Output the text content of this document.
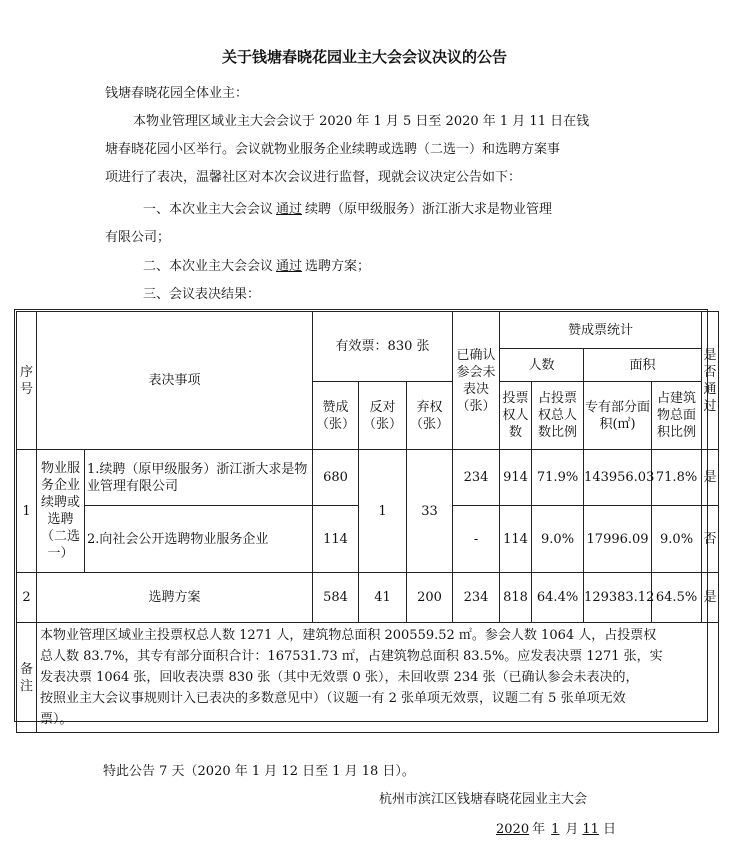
关于钱塘春晓花园业主大会会议决议的公告
钱塘春晓花园全体业主：
本物业管理区域业主大会会议于 2020 年 1 月 5 日至 2020 年 1 月 11 日在钱
塘春晓花园小区举行。会议就物业服务企业续聘或选聘（二选一）和选聘方案事
项进行了表决，温馨社区对本次会议进行监督，现就会议决定公告如下：
一、本次业主大会会议 通过 续聘（原甲级服务）浙江浙大求是物业管理
有限公司；
二、本次业主大会会议 通过 选聘方案；
三、会议表决结果：
序号	表决事项		有效票：830 张			已确认参会未表决（张）	赞成票统计				是否通过
							人数		面积		
			赞成（张）	反对（张）	弃权（张）		投票权人数	占投票权总人数比例	专有部分面积(㎡)	占建筑物总面积比例	
1	物业服务企业续聘或选聘（二选一）	1.续聘（原甲级服务）浙江浙大求是物业管理有限公司	680	1	33	234	914	71.9%	143956.03	71.8%	是
		2.向社会公开选聘物业服务企业	114			-	114	9.0%	17996.09	9.0%	否
2	选聘方案		584	41	200	234	818	64.4%	129383.12	64.5%	是
备注	本物业管理区域业主投票权总人数 1271 人，建筑物总面积 200559.52 ㎡。参会人数 1064 人，占投票权
总人数 83.7%，其专有部分面积合计：167531.73 ㎡，占建筑物总面积 83.5%。应发表决票 1271 张，实
发表决票 1064 张，回收表决票 830 张（其中无效票 0 张），未回收票 234 张（已确认参会未表决的，
按照业主大会议事规则计入已表决的多数意见中）（议题一有 2 张单项无效票，议题二有 5 张单项无效
票）。										
特此公告 7 天（2020 年 1 月 12 日至 1 月 18 日）。
杭州市滨江区钱塘春晓花园业主大会
2020 年 1 月 11 日
